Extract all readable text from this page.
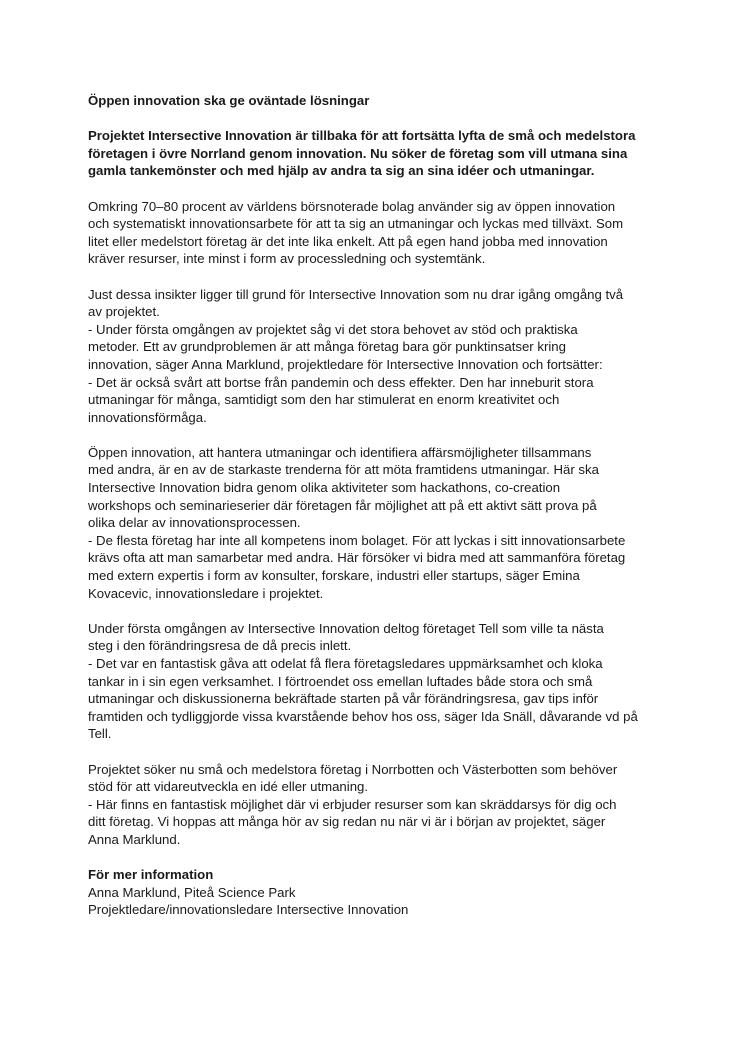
Öppen innovation ska ge oväntade lösningar

Projektet Intersective Innovation är tillbaka för att fortsätta lyfta de små och medelstora
företagen i övre Norrland genom innovation. Nu söker de företag som vill utmana sina
gamla tankemönster och med hjälp av andra ta sig an sina idéer och utmaningar.

Omkring 70–80 procent av världens börsnoterade bolag använder sig av öppen innovation
och systematiskt innovationsarbete för att ta sig an utmaningar och lyckas med tillväxt. Som
litet eller medelstort företag är det inte lika enkelt. Att på egen hand jobba med innovation
kräver resurser, inte minst i form av processledning och systemtänk.

Just dessa insikter ligger till grund för Intersective Innovation som nu drar igång omgång två
av projektet.
- Under första omgången av projektet såg vi det stora behovet av stöd och praktiska
metoder. Ett av grundproblemen är att många företag bara gör punktinsatser kring
innovation, säger Anna Marklund, projektledare för Intersective Innovation och fortsätter:
- Det är också svårt att bortse från pandemin och dess effekter. Den har inneburit stora
utmaningar för många, samtidigt som den har stimulerat en enorm kreativitet och
innovationsförmåga.

Öppen innovation, att hantera utmaningar och identifiera affärsmöjligheter tillsammans
med andra, är en av de starkaste trenderna för att möta framtidens utmaningar. Här ska
Intersective Innovation bidra genom olika aktiviteter som hackathons, co-creation
workshops och seminarieserier där företagen får möjlighet att på ett aktivt sätt prova på
olika delar av innovationsprocessen.
- De flesta företag har inte all kompetens inom bolaget. För att lyckas i sitt innovationsarbete
krävs ofta att man samarbetar med andra. Här försöker vi bidra med att sammanföra företag
med extern expertis i form av konsulter, forskare, industri eller startups, säger Emina
Kovacevic, innovationsledare i projektet.

Under första omgången av Intersective Innovation deltog företaget Tell som ville ta nästa
steg i den förändringsresa de då precis inlett.
- Det var en fantastisk gåva att odelat få flera företagsledares uppmärksamhet och kloka
tankar in i sin egen verksamhet. I förtroendet oss emellan luftades både stora och små
utmaningar och diskussionerna bekräftade starten på vår förändringsresa, gav tips inför
framtiden och tydliggjorde vissa kvarstående behov hos oss, säger Ida Snäll, dåvarande vd på
Tell.

Projektet söker nu små och medelstora företag i Norrbotten och Västerbotten som behöver
stöd för att vidareutveckla en idé eller utmaning.
- Här finns en fantastisk möjlighet där vi erbjuder resurser som kan skräddarsys för dig och
ditt företag. Vi hoppas att många hör av sig redan nu när vi är i början av projektet, säger
Anna Marklund.

För mer information
Anna Marklund, Piteå Science Park
Projektledare/innovationsledare Intersective Innovation
